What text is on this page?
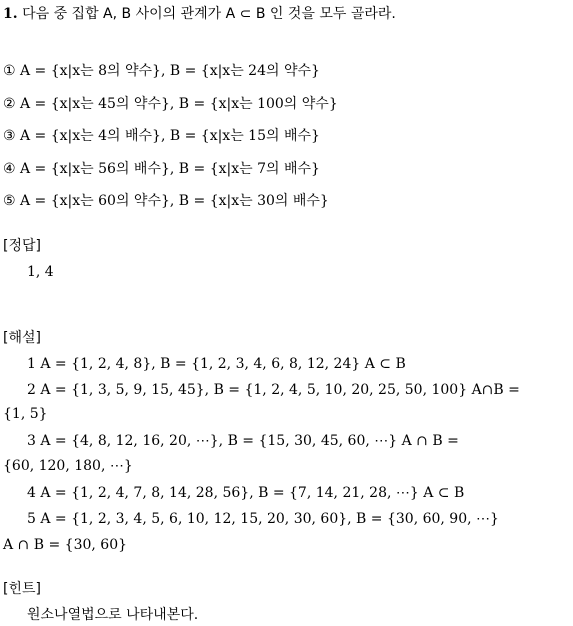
1. 다음 중 집합 A, B 사이의 관계가 A ⊂ B 인 것을 모두 골라라.
① A = {x|x는 8의 약수}, B = {x|x는 24의 약수}
② A = {x|x는 45의 약수}, B = {x|x는 100의 약수}
③ A = {x|x는 4의 배수}, B = {x|x는 15의 배수}
④ A = {x|x는 56의 배수}, B = {x|x는 7의 배수}
⑤ A = {x|x는 60의 약수}, B = {x|x는 30의 배수}
[정답]
1, 4
[해설]
1 A = {1, 2, 4, 8}, B = {1, 2, 3, 4, 6, 8, 12, 24} A ⊂ B
2 A = {1, 3, 5, 9, 15, 45}, B = {1, 2, 4, 5, 10, 20, 25, 50, 100} A∩B =
{1, 5}
3 A = {4, 8, 12, 16, 20, ⋯}, B = {15, 30, 45, 60, ⋯} A ∩ B =
{60, 120, 180, ⋯}
4 A = {1, 2, 4, 7, 8, 14, 28, 56}, B = {7, 14, 21, 28, ⋯} A ⊂ B
5 A = {1, 2, 3, 4, 5, 6, 10, 12, 15, 20, 30, 60}, B = {30, 60, 90, ⋯}
A ∩ B = {30, 60}
[힌트]
원소나열법으로 나타내본다.
